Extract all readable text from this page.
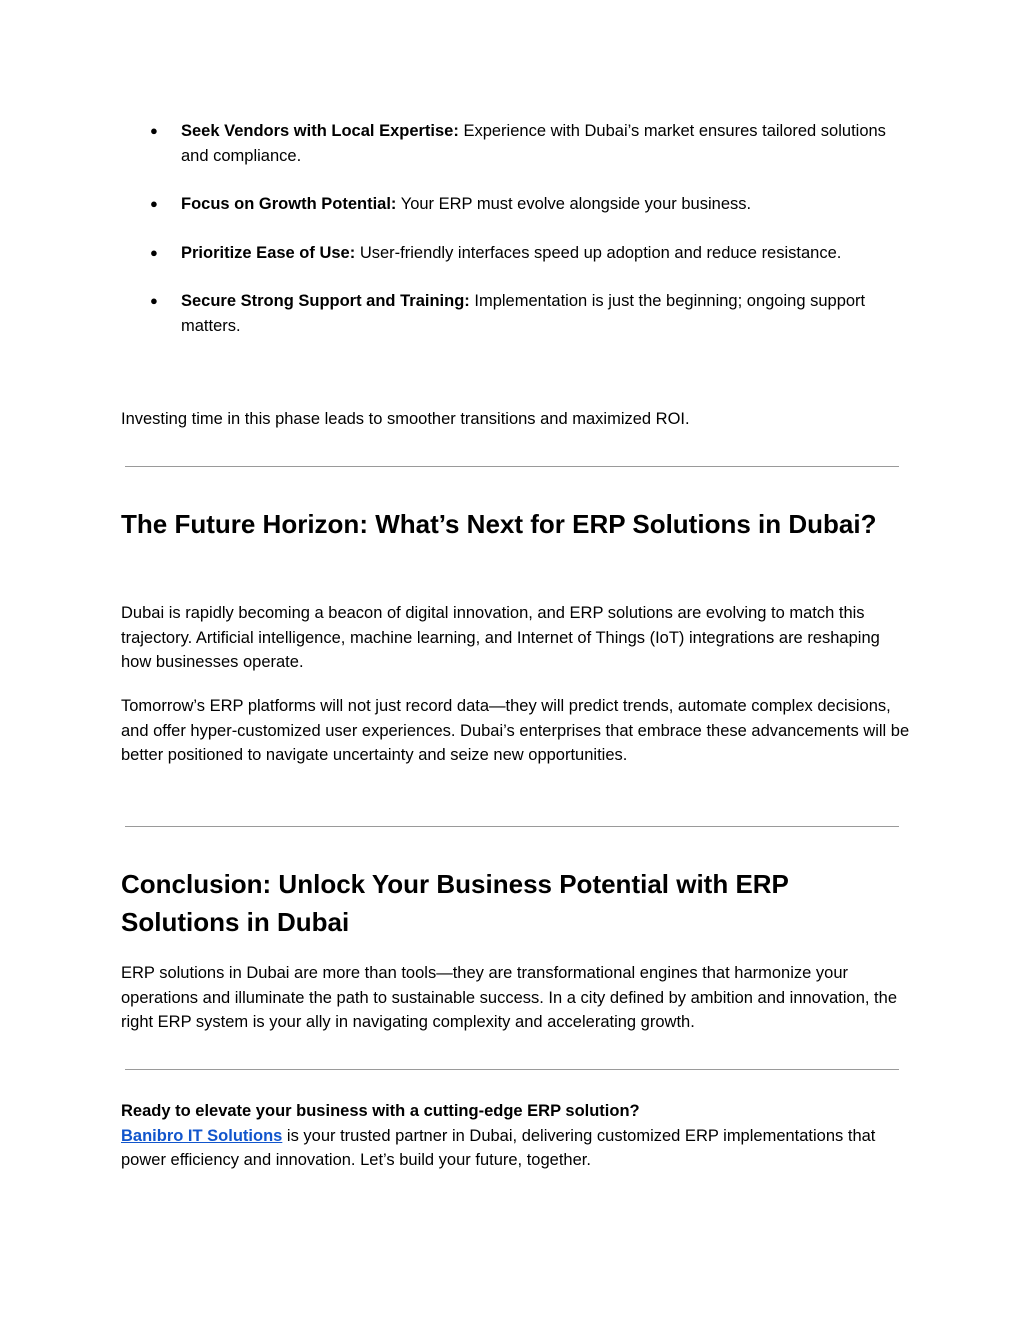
● Seek Vendors with Local Expertise: Experience with Dubai’s market ensures tailored solutions and compliance.
● Focus on Growth Potential: Your ERP must evolve alongside your business.
● Prioritize Ease of Use: User-friendly interfaces speed up adoption and reduce resistance.
● Secure Strong Support and Training: Implementation is just the beginning; ongoing support matters.

Investing time in this phase leads to smoother transitions and maximized ROI.

The Future Horizon: What’s Next for ERP Solutions in Dubai?

Dubai is rapidly becoming a beacon of digital innovation, and ERP solutions are evolving to match this trajectory. Artificial intelligence, machine learning, and Internet of Things (IoT) integrations are reshaping how businesses operate.

Tomorrow’s ERP platforms will not just record data—they will predict trends, automate complex decisions, and offer hyper-customized user experiences. Dubai’s enterprises that embrace these advancements will be better positioned to navigate uncertainty and seize new opportunities.

Conclusion: Unlock Your Business Potential with ERP Solutions in Dubai

ERP solutions in Dubai are more than tools—they are transformational engines that harmonize your operations and illuminate the path to sustainable success. In a city defined by ambition and innovation, the right ERP system is your ally in navigating complexity and accelerating growth.

Ready to elevate your business with a cutting-edge ERP solution?
Banibro IT Solutions is your trusted partner in Dubai, delivering customized ERP implementations that power efficiency and innovation. Let’s build your future, together.
